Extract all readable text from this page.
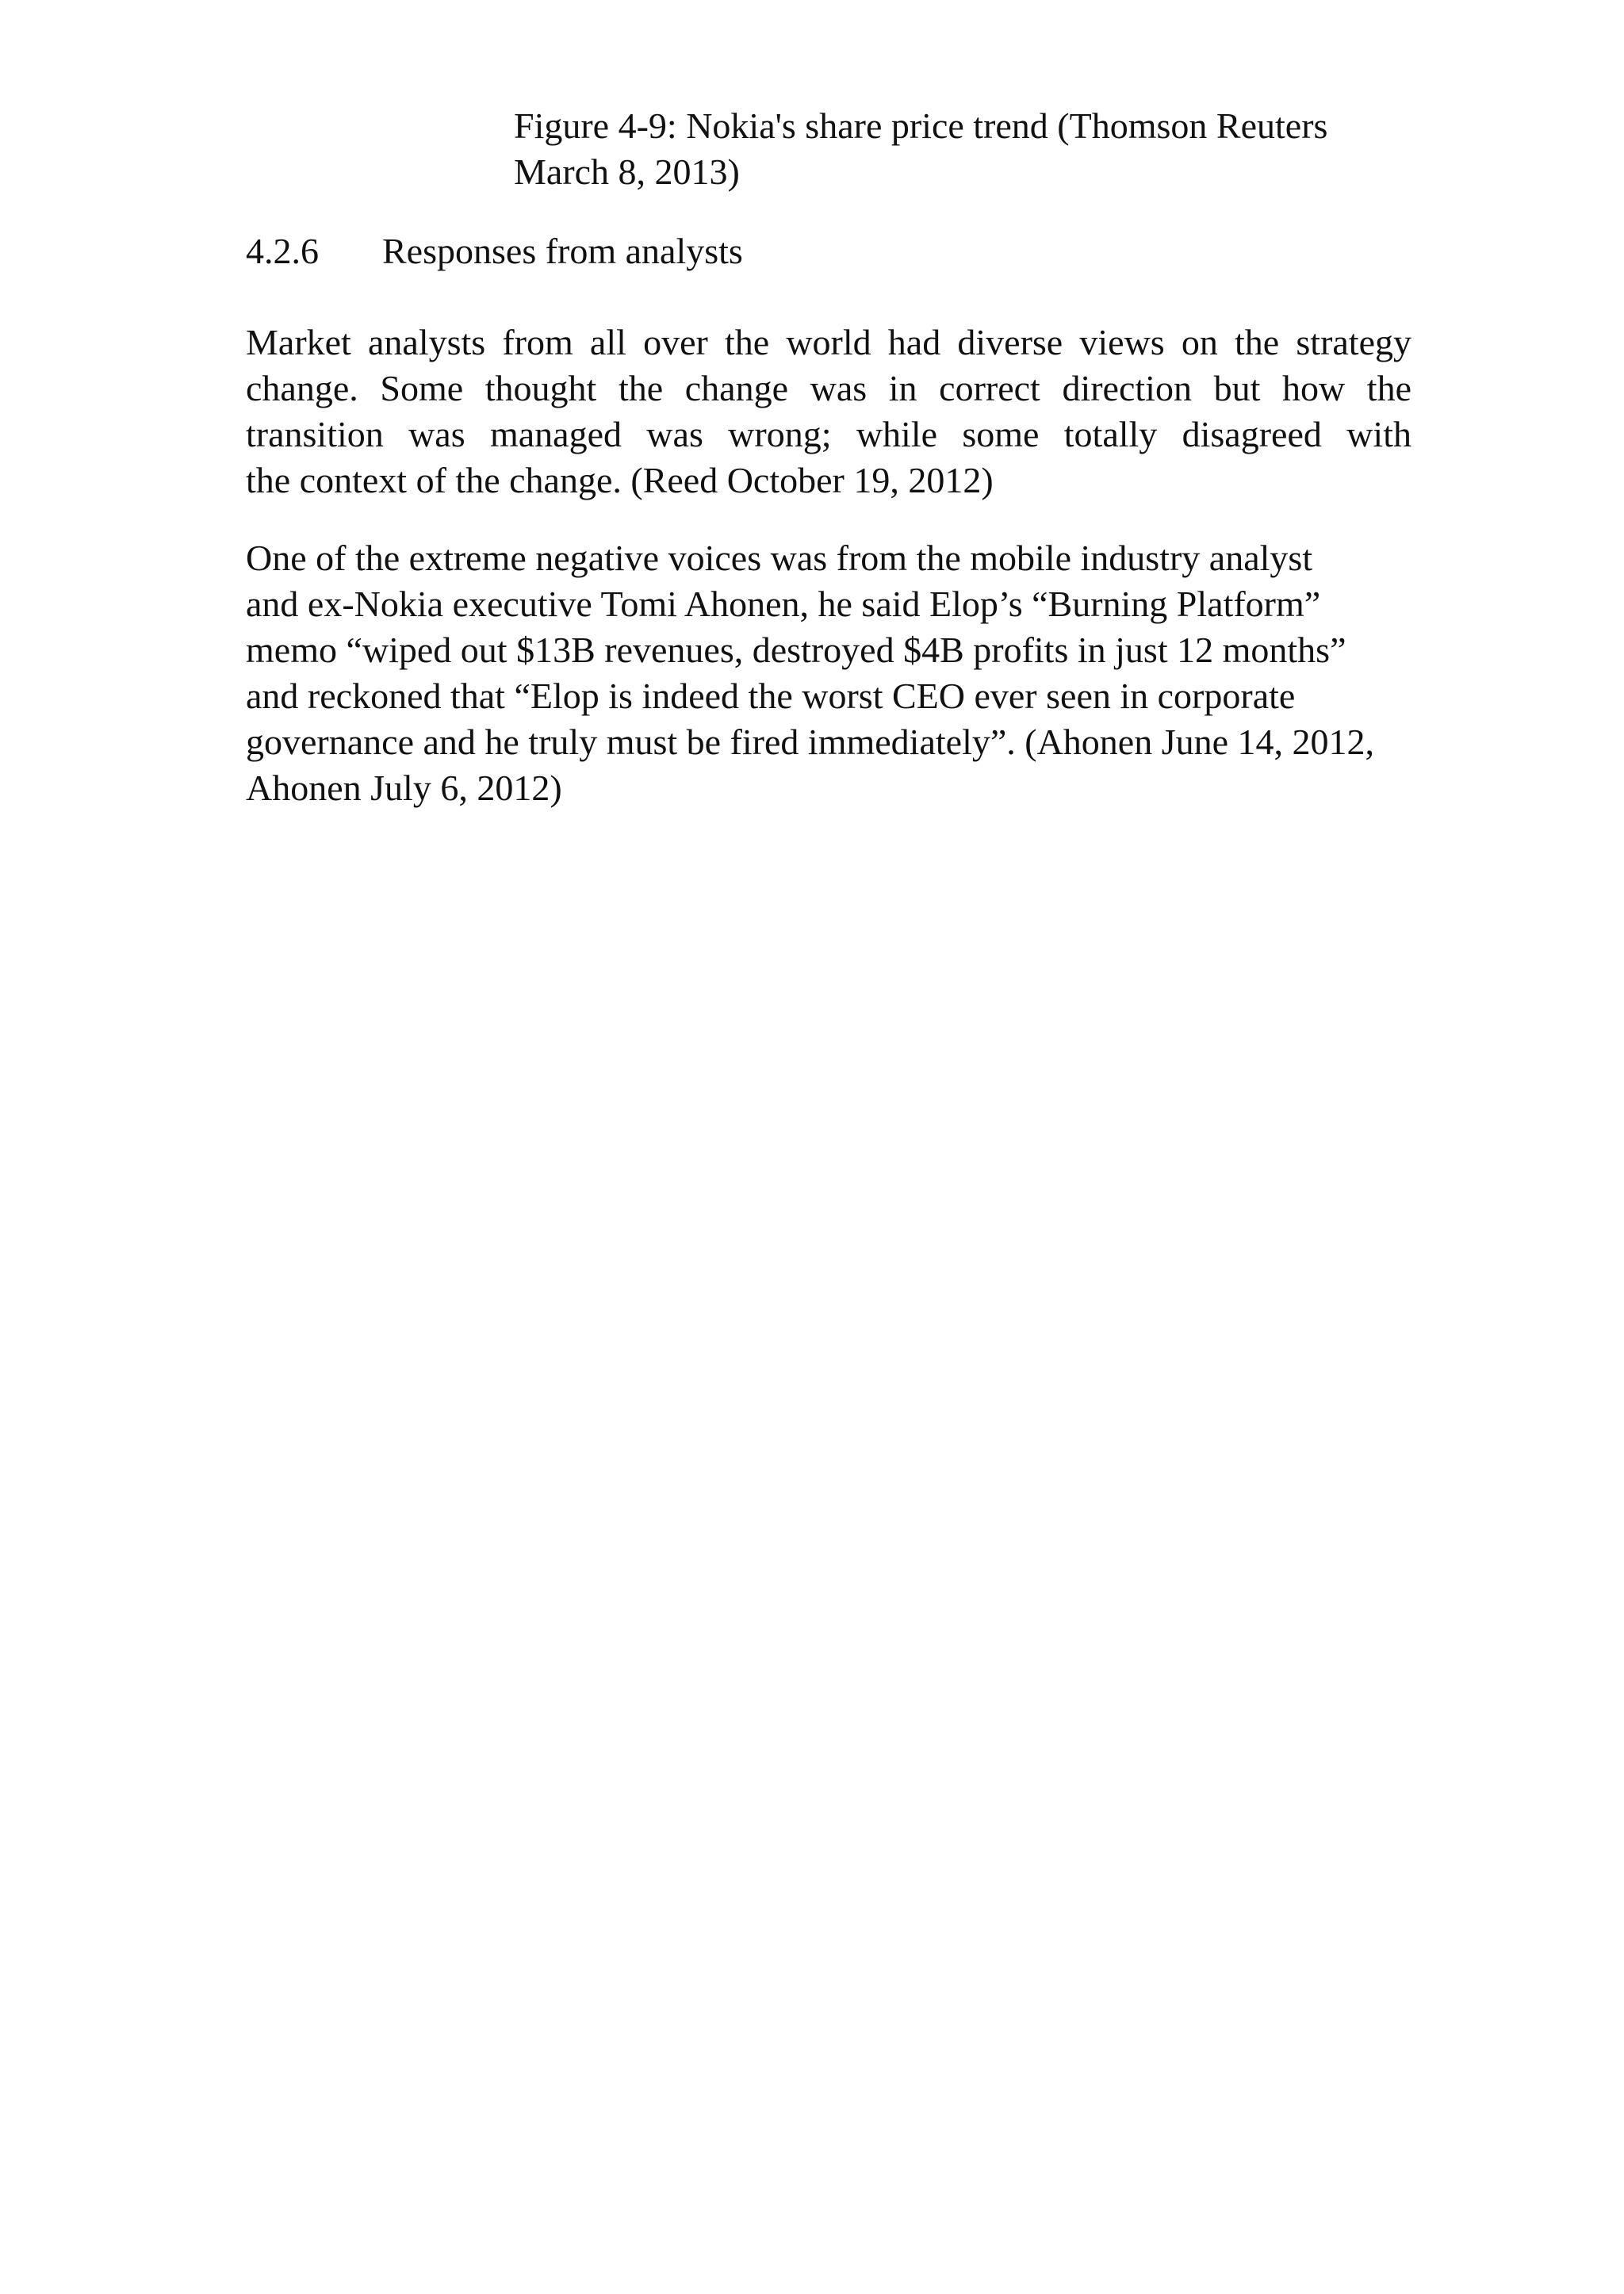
Figure 4-9: Nokia's share price trend (Thomson Reuters
March 8, 2013)
4.2.6 Responses from analysts
Market analysts from all over the world had diverse views on the strategy
change. Some thought the change was in correct direction but how the
transition was managed was wrong; while some totally disagreed with
the context of the change. (Reed October 19, 2012)
One of the extreme negative voices was from the mobile industry analyst
and ex-Nokia executive Tomi Ahonen, he said Elop’s “Burning Platform”
memo “wiped out $13B revenues, destroyed $4B profits in just 12 months”
and reckoned that “Elop is indeed the worst CEO ever seen in corporate
governance and he truly must be fired immediately”. (Ahonen June 14, 2012,
Ahonen July 6, 2012)
